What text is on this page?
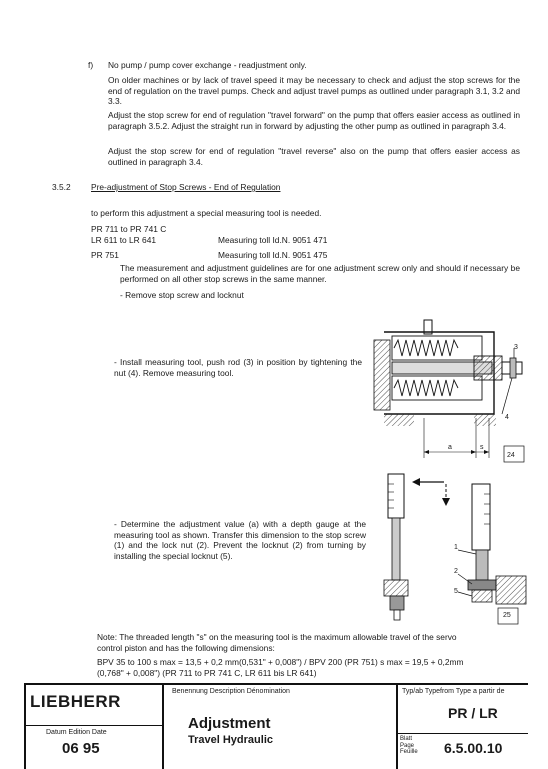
f) No pump / pump cover exchange - readjustment only.
On older machines or by lack of travel speed it may be necessary to check and adjust the stop screws for the end of regulation on the travel pumps. Check and adjust travel pumps as outlined under paragraph 3.1, 3.2 and 3.3.
Adjust the stop screw for end of regulation "travel forward" on the pump that offers easier access as outlined in paragraph 3.5.2. Adjust the straight run in forward by adjusting the other pump as outlined in paragraph 3.4.
Adjust the stop screw for end of regulation "travel reverse" also on the pump that offers easier access as outlined in paragraph 3.4.
3.5.2 Pre-adjustment of Stop Screws - End of Regulation
to perform this adjustment a special measuring tool is needed.
PR 711 to PR 741 C
LR 611 to LR 641	Measuring toll Id.N. 9051 471
PR 751	Measuring toll Id.N. 9051 475
The measurement and adjustment guidelines are for one adjustment screw only and should if necessary be performed on all other stop screws in the same manner.
- Remove stop screw and locknut
- Install measuring tool, push rod (3) in position by tightening the nut (4). Remove measuring tool.
- Determine the adjustment value (a) with a depth gauge at the measuring tool as shown. Transfer this dimension to the stop screw (1) and the lock nut (2). Prevent the locknut (2) from turning by installing the special locknut (5).
3
4
a	s
24
1
2
5
25
Note: The threaded length "s" on the measuring tool is the maximum allowable travel of the servo
control piston and has the following dimensions:
BPV 35 to 100 s max = 13,5 + 0,2 mm(0,531" + 0,008") / BPV 200 (PR 751) s max = 19,5 + 0,2mm
(0,768" + 0,008") (PR 711 to PR 741 C, LR 611 bis LR 641)
LIEBHERR
Datum Edition Date
06 95
Benennung Description Dénomination
Adjustment
Travel Hydraulic
Typ/ab Typefrom Type a partir de
PR / LR
Blatt
Page
Feuille 6.5.00.10
